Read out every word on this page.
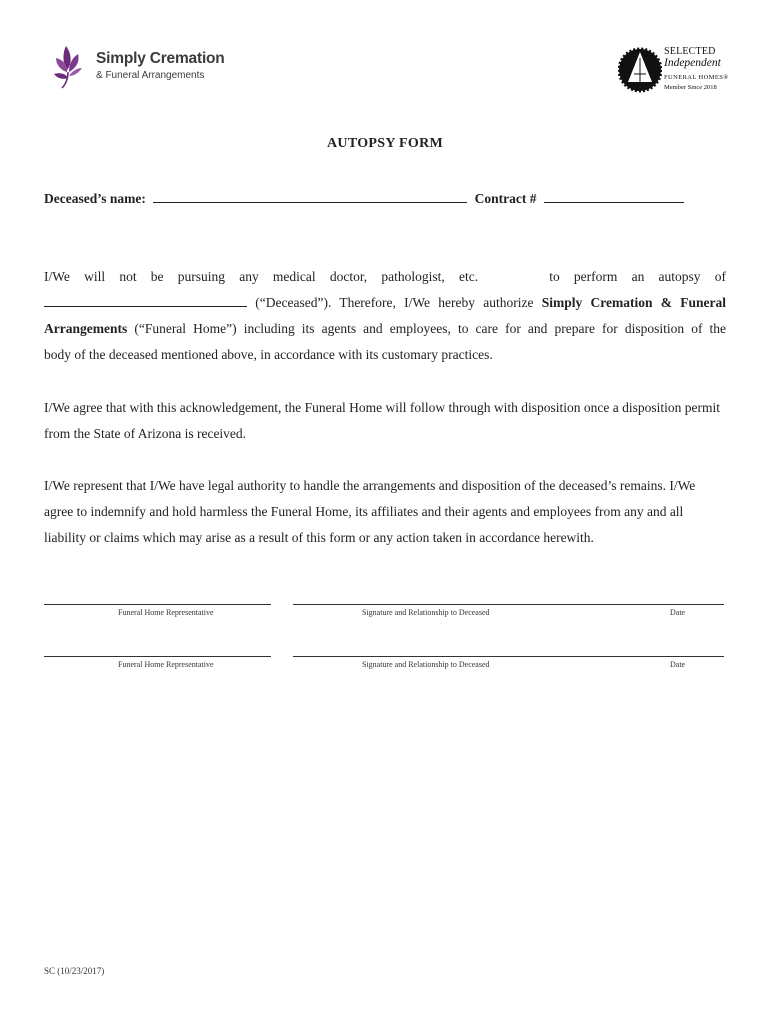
Simply Cremation
& Funeral Arrangements
SELECTED
Independent
FUNERAL HOMES®
Member Since 2018
AUTOPSY FORM
Deceased’s name:	Contract #
I/We will not be pursuing any medical doctor, pathologist, etc.	to perform an autopsy of
(“Deceased”). Therefore, I/We hereby authorize Simply Cremation & Funeral
Arrangements (“Funeral Home”) including its agents and employees, to care for and prepare for disposition of the
body of the deceased mentioned above, in accordance with its customary practices.
I/We agree that with this acknowledgement, the Funeral Home will follow through with disposition once a disposition permit from the State of Arizona is received.
I/We represent that I/We have legal authority to handle the arrangements and disposition of the deceased’s remains. I/We agree to indemnify and hold harmless the Funeral Home, its affiliates and their agents and employees from any and all liability or claims which may arise as a result of this form or any action taken in accordance herewith.
Funeral Home Representative	Signature and Relationship to Deceased	Date
Funeral Home Representative	Signature and Relationship to Deceased	Date
SC (10/23/2017)
